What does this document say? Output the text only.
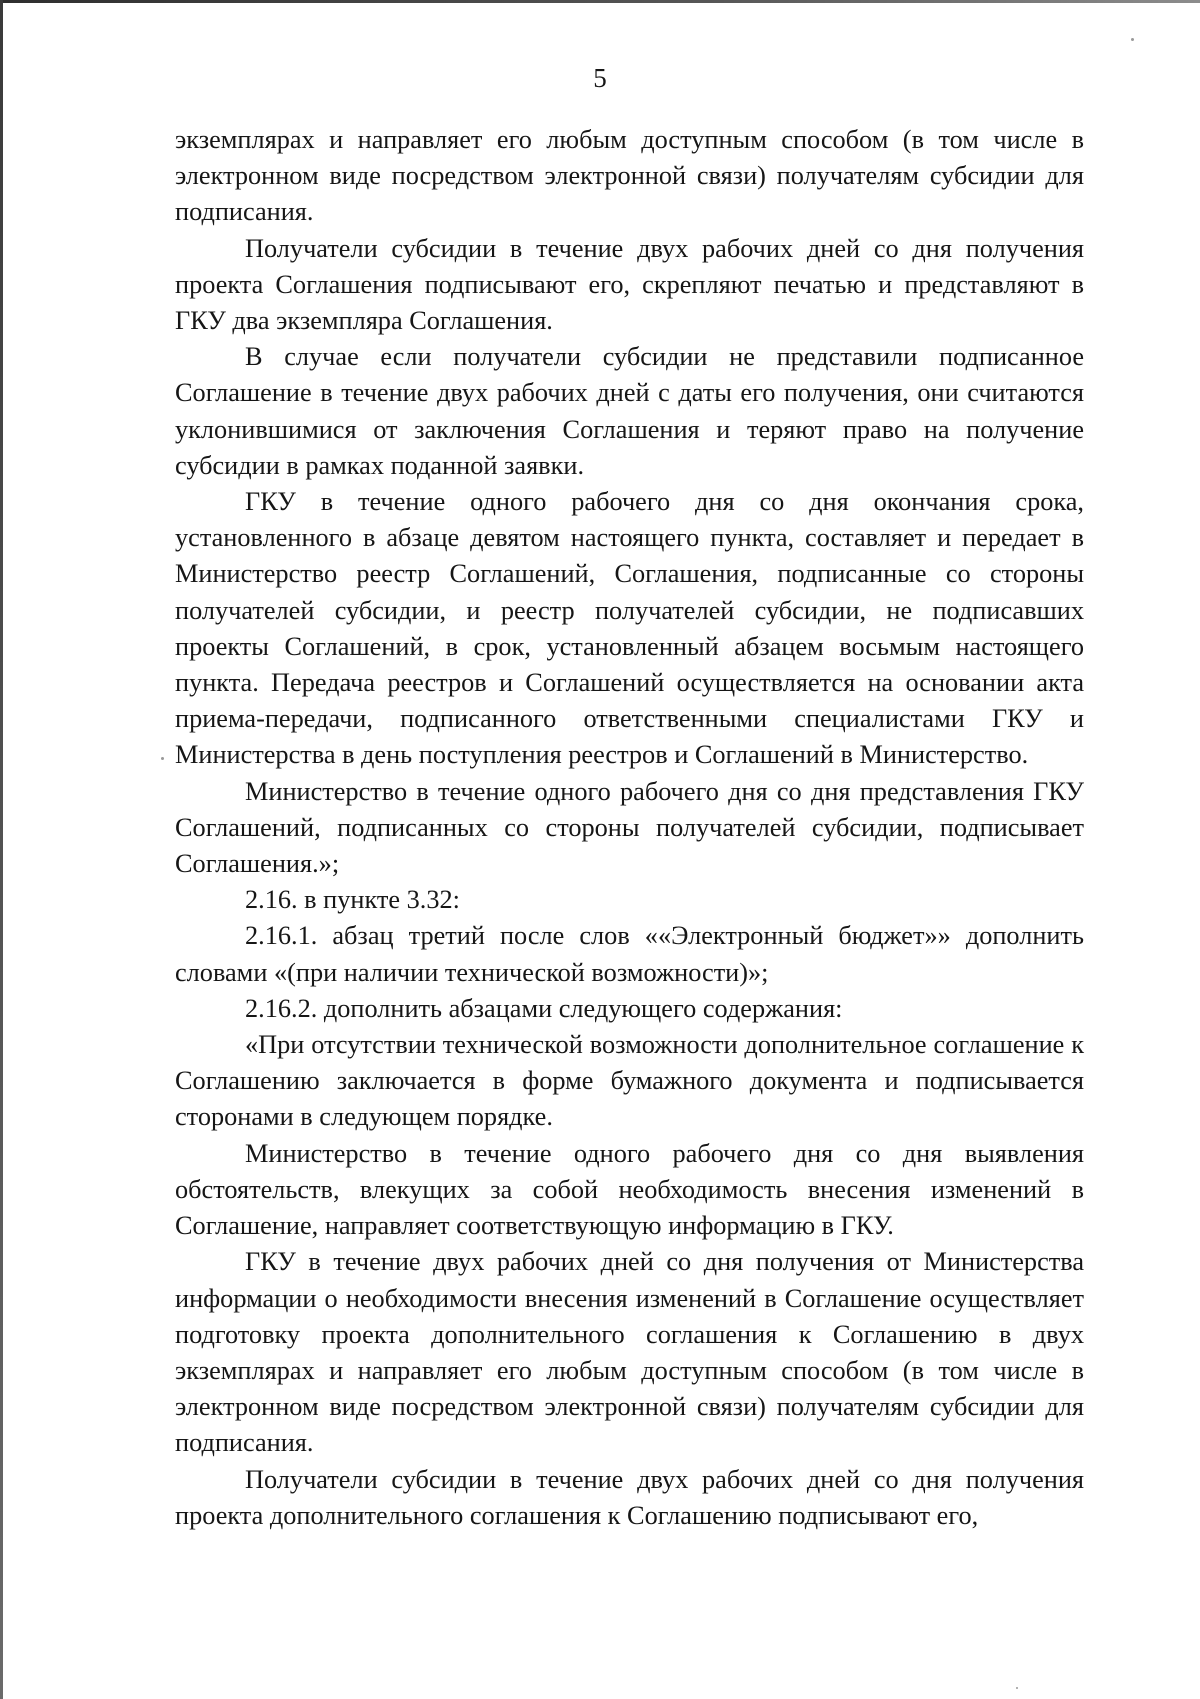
5

экземплярах и направляет его любым доступным способом (в том числе в электронном виде посредством электронной связи) получателям субсидии для подписания.

Получатели субсидии в течение двух рабочих дней со дня получения проекта Соглашения подписывают его, скрепляют печатью и представляют в ГКУ два экземпляра Соглашения.

В случае если получатели субсидии не представили подписанное Соглашение в течение двух рабочих дней с даты его получения, они считаются уклонившимися от заключения Соглашения и теряют право на получение субсидии в рамках поданной заявки.

ГКУ в течение одного рабочего дня со дня окончания срока, установленного в абзаце девятом настоящего пункта, составляет и передает в Министерство реестр Соглашений, Соглашения, подписанные со стороны получателей субсидии, и реестр получателей субсидии, не подписавших проекты Соглашений, в срок, установленный абзацем восьмым настоящего пункта. Передача реестров и Соглашений осуществляется на основании акта приема-передачи, подписанного ответственными специалистами ГКУ и Министерства в день поступления реестров и Соглашений в Министерство.

Министерство в течение одного рабочего дня со дня представления ГКУ Соглашений, подписанных со стороны получателей субсидии, подписывает Соглашения.»;

2.16. в пункте 3.32:

2.16.1. абзац третий после слов ««Электронный бюджет»» дополнить словами «(при наличии технической возможности)»;

2.16.2. дополнить абзацами следующего содержания:

«При отсутствии технической возможности дополнительное соглашение к Соглашению заключается в форме бумажного документа и подписывается сторонами в следующем порядке.

Министерство в течение одного рабочего дня со дня выявления обстоятельств, влекущих за собой необходимость внесения изменений в Соглашение, направляет соответствующую информацию в ГКУ.

ГКУ в течение двух рабочих дней со дня получения от Министерства информации о необходимости внесения изменений в Соглашение осуществляет подготовку проекта дополнительного соглашения к Соглашению в двух экземплярах и направляет его любым доступным способом (в том числе в электронном виде посредством электронной связи) получателям субсидии для подписания.

Получатели субсидии в течение двух рабочих дней со дня получения проекта дополнительного соглашения к Соглашению подписывают его,
